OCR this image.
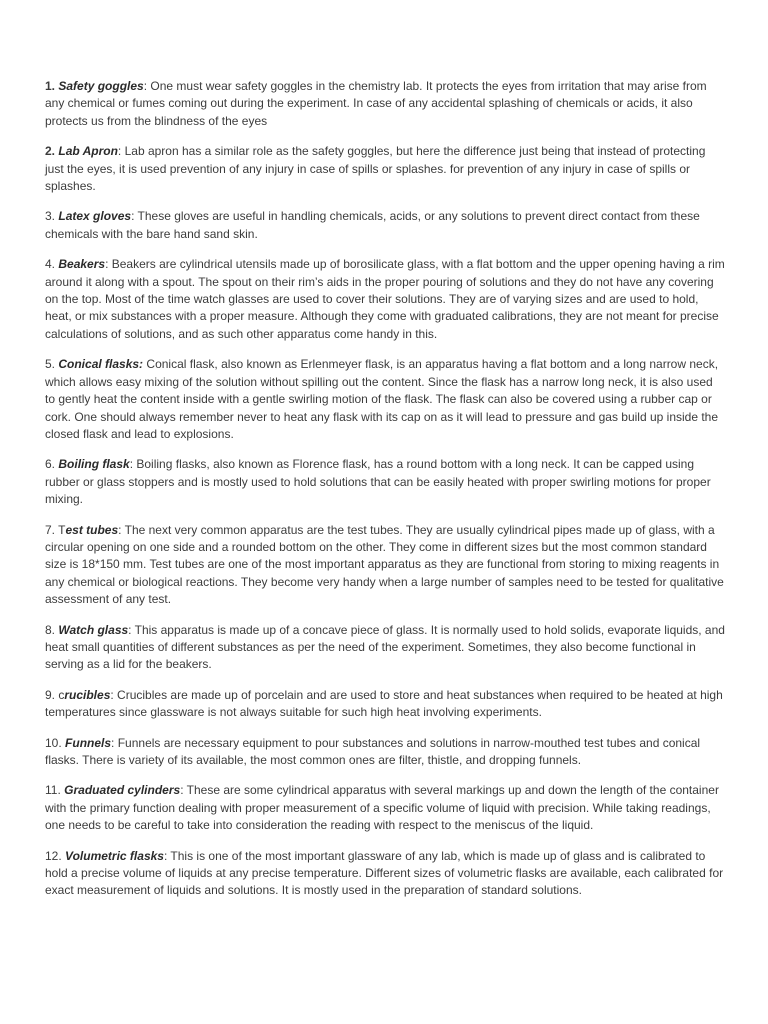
1. Safety goggles: One must wear safety goggles in the chemistry lab. It protects the eyes from irritation that may arise from any chemical or fumes coming out during the experiment. In case of any accidental splashing of chemicals or acids, it also protects us from the blindness of the eyes

2. Lab Apron: Lab apron has a similar role as the safety goggles, but here the difference just being that instead of protecting just the eyes, it is used prevention of any injury in case of spills or splashes. for prevention of any injury in case of spills or splashes.

3. Latex gloves: These gloves are useful in handling chemicals, acids, or any solutions to prevent direct contact from these chemicals with the bare hand sand skin.

4. Beakers: Beakers are cylindrical utensils made up of borosilicate glass, with a flat bottom and the upper opening having a rim around it along with a spout. The spout on their rim’s aids in the proper pouring of solutions and they do not have any covering on the top. Most of the time watch glasses are used to cover their solutions. They are of varying sizes and are used to hold, heat, or mix substances with a proper measure. Although they come with graduated calibrations, they are not meant for precise calculations of solutions, and as such other apparatus come handy in this.

5. Conical flasks: Conical flask, also known as Erlenmeyer flask, is an apparatus having a flat bottom and a long narrow neck, which allows easy mixing of the solution without spilling out the content. Since the flask has a narrow long neck, it is also used to gently heat the content inside with a gentle swirling motion of the flask. The flask can also be covered using a rubber cap or cork. One should always remember never to heat any flask with its cap on as it will lead to pressure and gas build up inside the closed flask and lead to explosions.

6. Boiling flask: Boiling flasks, also known as Florence flask, has a round bottom with a long neck. It can be capped using rubber or glass stoppers and is mostly used to hold solutions that can be easily heated with proper swirling motions for proper mixing.

7. Test tubes: The next very common apparatus are the test tubes. They are usually cylindrical pipes made up of glass, with a circular opening on one side and a rounded bottom on the other. They come in different sizes but the most common standard size is 18*150 mm. Test tubes are one of the most important apparatus as they are functional from storing to mixing reagents in any chemical or biological reactions. They become very handy when a large number of samples need to be tested for qualitative assessment of any test.

8. Watch glass: This apparatus is made up of a concave piece of glass. It is normally used to hold solids, evaporate liquids, and heat small quantities of different substances as per the need of the experiment. Sometimes, they also become functional in serving as a lid for the beakers.

9. crucibles: Crucibles are made up of porcelain and are used to store and heat substances when required to be heated at high temperatures since glassware is not always suitable for such high heat involving experiments.

10. Funnels: Funnels are necessary equipment to pour substances and solutions in narrow-mouthed test tubes and conical flasks. There is variety of its available, the most common ones are filter, thistle, and dropping funnels.

11. Graduated cylinders: These are some cylindrical apparatus with several markings up and down the length of the container with the primary function dealing with proper measurement of a specific volume of liquid with precision. While taking readings, one needs to be careful to take into consideration the reading with respect to the meniscus of the liquid.

12. Volumetric flasks: This is one of the most important glassware of any lab, which is made up of glass and is calibrated to hold a precise volume of liquids at any precise temperature. Different sizes of volumetric flasks are available, each calibrated for exact measurement of liquids and solutions. It is mostly used in the preparation of standard solutions.
